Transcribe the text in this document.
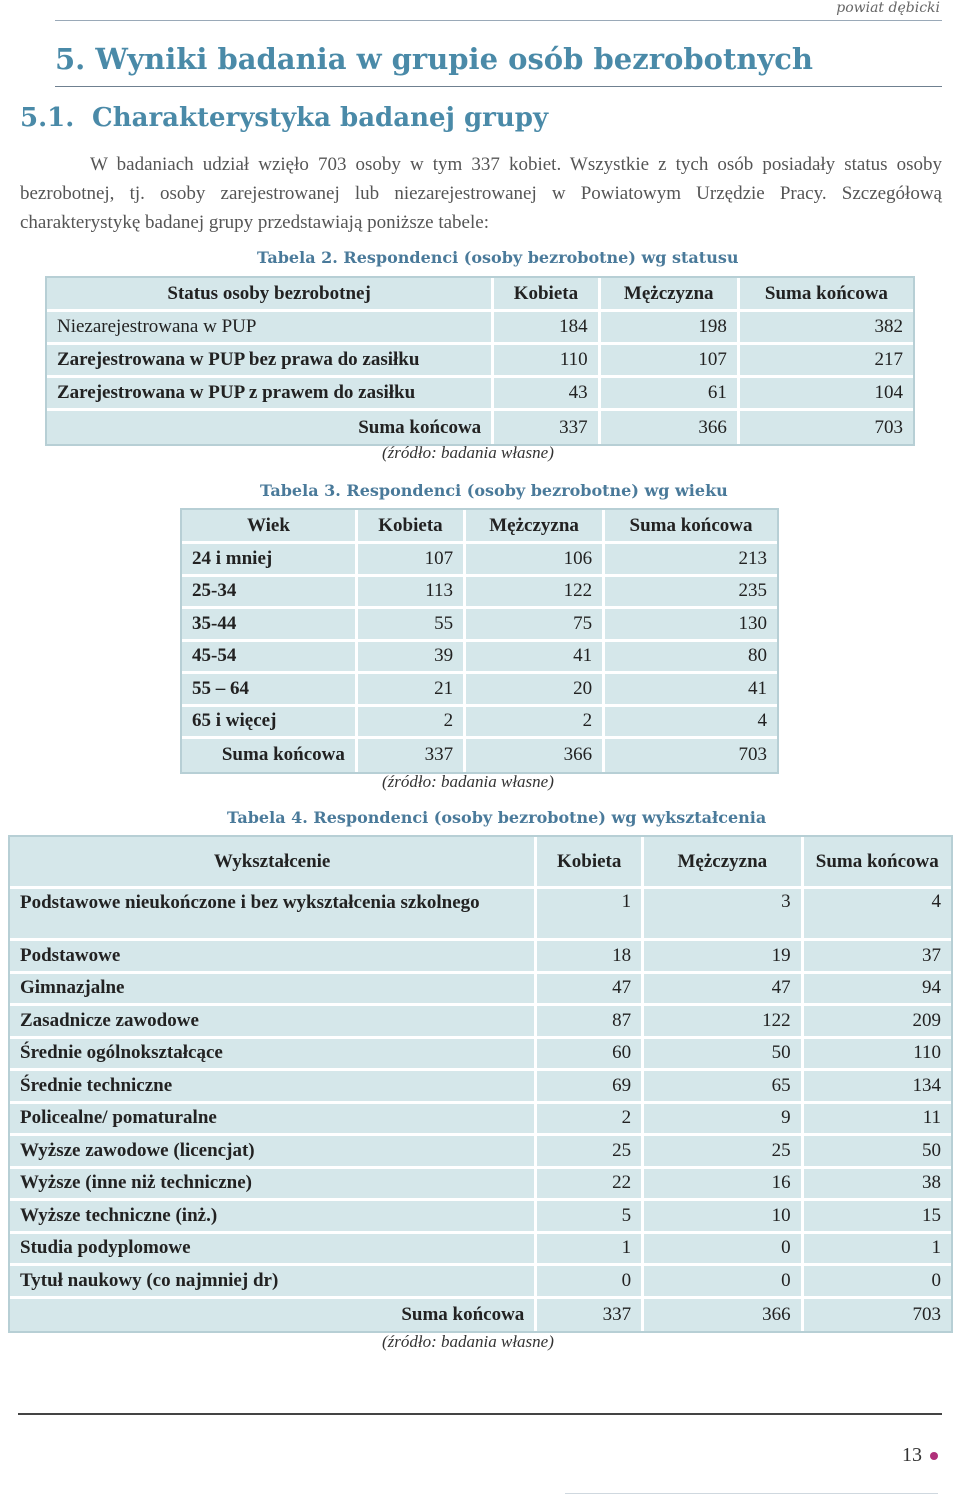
powiat dębicki
5. Wyniki badania w grupie osób bezrobotnych
5.1. Charakterystyka badanej grupy
W badaniach udział wzięło 703 osoby w tym 337 kobiet. Wszystkie z tych osób posiadały status osoby bezrobotnej, tj. osoby zarejestrowanej lub niezarejestrowanej w Powiatowym Urzędzie Pracy. Szczegółową charakterystykę badanej grupy przedstawiają poniższe tabele:
Tabela 2. Respondenci (osoby bezrobotne) wg statusu
Status osoby bezrobotnej	Kobieta	Mężczyzna	Suma końcowa
Niezarejestrowana w PUP	184	198	382
Zarejestrowana w PUP bez prawa do zasiłku	110	107	217
Zarejestrowana w PUP z prawem do zasiłku	43	61	104
Suma końcowa	337	366	703
(źródło: badania własne)
Tabela 3. Respondenci (osoby bezrobotne) wg wieku
Wiek	Kobieta	Mężczyzna	Suma końcowa
24 i mniej	107	106	213
25-34	113	122	235
35-44	55	75	130
45-54	39	41	80
55 – 64	21	20	41
65 i więcej	2	2	4
Suma końcowa	337	366	703
(źródło: badania własne)
Tabela 4. Respondenci (osoby bezrobotne) wg wykształcenia
Wykształcenie	Kobieta	Mężczyzna	Suma końcowa
Podstawowe nieukończone i bez wykształcenia szkolnego	1	3	4
Podstawowe	18	19	37
Gimnazjalne	47	47	94
Zasadnicze zawodowe	87	122	209
Średnie ogólnokształcące	60	50	110
Średnie techniczne	69	65	134
Policealne/ pomaturalne	2	9	11
Wyższe zawodowe (licencjat)	25	25	50
Wyższe (inne niż techniczne)	22	16	38
Wyższe techniczne (inż.)	5	10	15
Studia podyplomowe	1	0	1
Tytuł naukowy (co najmniej dr)	0	0	0
Suma końcowa	337	366	703
(źródło: badania własne)
13
